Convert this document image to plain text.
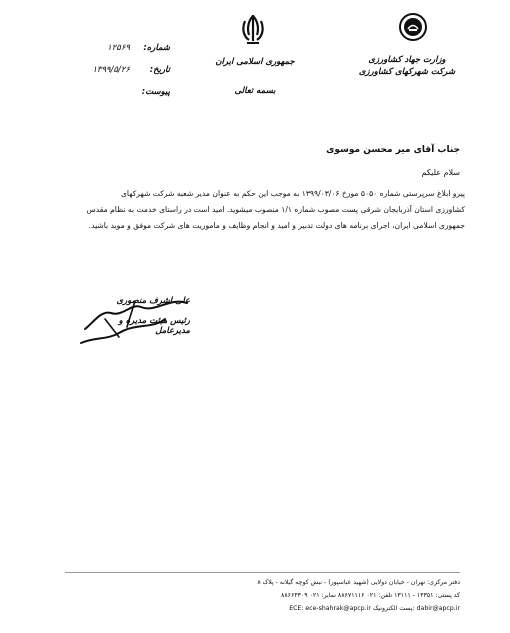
وزارت جهاد کشاورزی
شرکت شهرکهای کشاورزی
جمهوری اسلامی ایران
بسمه تعالی
شماره:
۱۲۵۶۹
تاریخ:
۱۳۹۹/۵/۲۶
پیوست:
جناب آقای میر محسن موسوی
سلام علیکم

پیرو ابلاغ سرپرستی شماره ۵۰۵۰ مورخ ۱۳۹۹/۰۳/۰۶ به موجب این حکم به عنوان مدیر شعبه شرکت شهرکهای

کشاورزی استان آذربایجان شرقی پست مصوب شماره ۱/۱ منصوب میشوید. امید است در راستای خدمت به نظام مقدس

جمهوری اسلامی ایران، اجرای برنامه های دولت تدبیر و امید و انجام وظایف و ماموریت های شرکت موفق و موید باشید.

علی اشرف منصوری
رئیس هیئت مدیره و مدیرعامل
دفتر مرکزی: تهران - خیابان دولایی (شهید عباسپور) - نبش کوچه گیلانه - پلاک ۸
کد پستی: ۱۴۳۵۱ - ۱۳۱۱۱ تلفن: ۰۲۱ ۸۸۶۷۱۱۱۶ نمابر: ۰۲۱ ۸۸۶۶۳۳۰۹
dabir@apcp.ir :پست الکترونیک ECE: ece-shahrak@apcp.ir
